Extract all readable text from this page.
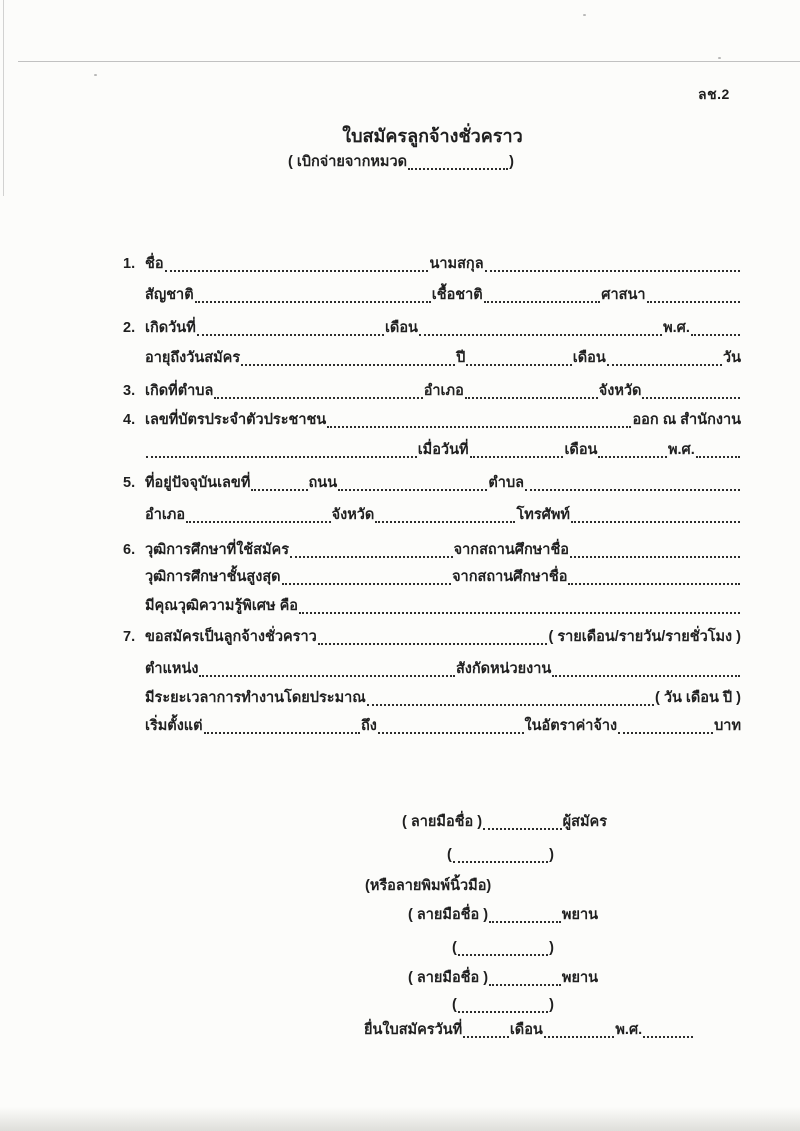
ลช.2
ใบสมัครลูกจ้างชั่วคราว
( เบิกจ่ายจากหมวด	)
1. ชื่อ	นามสกุล
สัญชาติ	เชื้อชาติ	ศาสนา
2. เกิดวันที่	เดือน	พ.ศ.
อายุถึงวันสมัคร	ปี	เดือน	วัน
3. เกิดที่ตำบล	อำเภอ	จังหวัด
4. เลขที่บัตรประจำตัวประชาชน	ออก ณ สำนักงาน
เมื่อวันที่	เดือน	พ.ศ.
5. ที่อยู่ปัจจุบันเลขที่	ถนน	ตำบล
อำเภอ	จังหวัด	โทรศัพท์
6. วุฒิการศึกษาที่ใช้สมัคร	จากสถานศึกษาชื่อ
วุฒิการศึกษาชั้นสูงสุด	จากสถานศึกษาชื่อ
มีคุณวุฒิความรู้พิเศษ คือ
7. ขอสมัครเป็นลูกจ้างชั่วคราว	( รายเดือน/รายวัน/รายชั่วโมง )
ตำแหน่ง	สังกัดหน่วยงาน
มีระยะเวลาการทำงานโดยประมาณ	( วัน เดือน ปี )
เริ่มตั้งแต่	ถึง	ในอัตราค่าจ้าง	บาท
( ลายมือชื่อ )	ผู้สมัคร
(	)
(หรือลายพิมพ์นิ้วมือ)
( ลายมือชื่อ )	พยาน
(	)
( ลายมือชื่อ )	พยาน
(	)
ยื่นใบสมัครวันที่	เดือน	พ.ศ.
